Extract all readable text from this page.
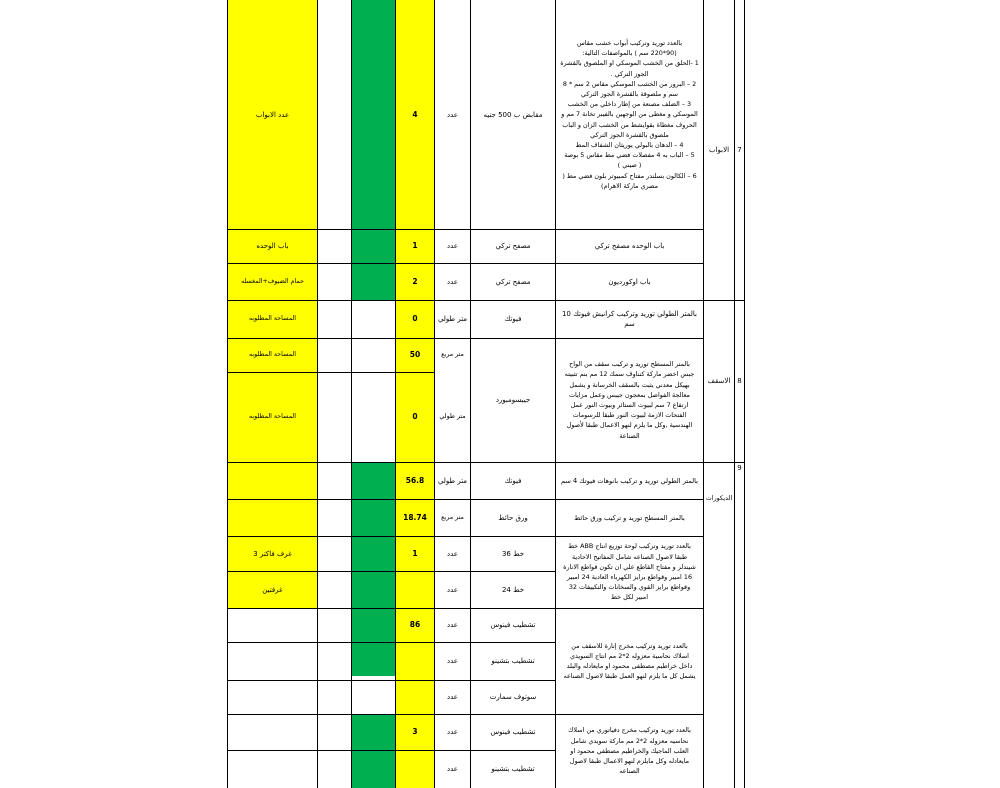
7
الابواب
بالعدد توريد وتركيب أبواب خشب مقاس
(90*220 سم ) بالمواصفات التالية:
1 -الحلق من الخشب الموسكي او الملصوق بالقشرة
الجوز التركي .
2 – البرور من الخشب الموسكي مقاس 2 سم * 8
سم و ملصوقة بالقشرة الجوز التركي
3 – الضلف مصنعة من إطار داخلي من الخشب
الموسكي و مغطى من الوجهين بالفيبر تخانة 7 مم و
الحروف مغطاة بقوايشط من الخشب الزان و الباب
ملصوق بالقشرة الجوز التركي
4 – الدهان بالبولي يوريثان الشفاف المط
5 – الباب به 4 مفصلات فضي مط مقاس 5 بوصة
( صيني )
6 – الكالون بسلندر مفتاح كمبيوتر بلون فضي مط (
مصري ماركة الاهرام)
مقابض ب 500 جنيه
عدد
4
عدد الابواب
باب الوحده مصفح تركي
مصفح تركي
عدد
1
باب الوحده
باب اوكورديون
مصفح تركي
عدد
2
حمام الضيوف+المغسله
8
الاسقف
بالمتر الطولي توريد وتركيب كرانيش فيوتك 10 سم
فيوتك
متر طولي
0
المساحة المطلوبه
بالمتر المسطح توريد و تركيب سقف من الواح
جبس اخضر ماركة كنناوف سمك 12 مم بنم تثبيته
بهيكل معدني يثبت بالسقف الخرسانة و يشمل
معالجة الفواصل بمعجون جيبس وعمل مزايات
ارتفاع 7 سم لبيوت الستائر وبيوت النور عمل
الفتحات الازمة لبيوت النور طبقا للرسومات
الهندسية ,وكل ما يلزم لنهو الاعمال طبقا لأصول
الصناعة
جيبسومبورد
متر مربع
50
المساحة المطلوبه
متر طولي
0
المساحة المطلوبه
9
الديكورات
بالمتر الطولي توريد و تركيب بانوهات فيوتك 4 سم
فيوتك
متر طولي
56.8
بالمتر المسطح توريد و تركيب ورق حائط
ورق حائط
متر مربع
18.74
بالعدد توريد وتركيب لوحة توزيع انتاج ABB خط
طبقا لاصول الصناعه شامل المفاتيح الاحادية
شيندلر و مفتاح القاطع علي ان تكون قواطع الانارة
16 امبير وقواطع برايز الكهرباء العادية 24 امبير
وقواطع برايز القوي والسخانات والتكييفات 32
امبير لكل خط
خط 36
عدد
1
غرف فاكتر 3
خط 24
عدد
غرفتين
بالعدد توريد وتركيب مخرج إنارة للاسقف من
اسلاك نحاسية معزوله 2*2 مم انتاج السويدي
داخل خراطيم مصطفى محمود او مايعادله والبلد
يشمل كل ما يلزم لنهو العمل طبقا لاصول الصناعه
تشطيب فينوس
عدد
86
تشطيب بتشينو
عدد
سوتوف سمارت
عدد
بالعدد توريد وتركيب مخرج دفياتوري من اسلاك
نحاسيه معزوله 2*2 مم ماركة سويدي شامل
العلب الماجيك والخراطيم مصطفي محمود او
مايعادله وكل مايلزم لنهو الاعمال طبقا لاصول
الصناعه
تشطيب فينوس
عدد
3
تشطيب بتشينو
عدد
